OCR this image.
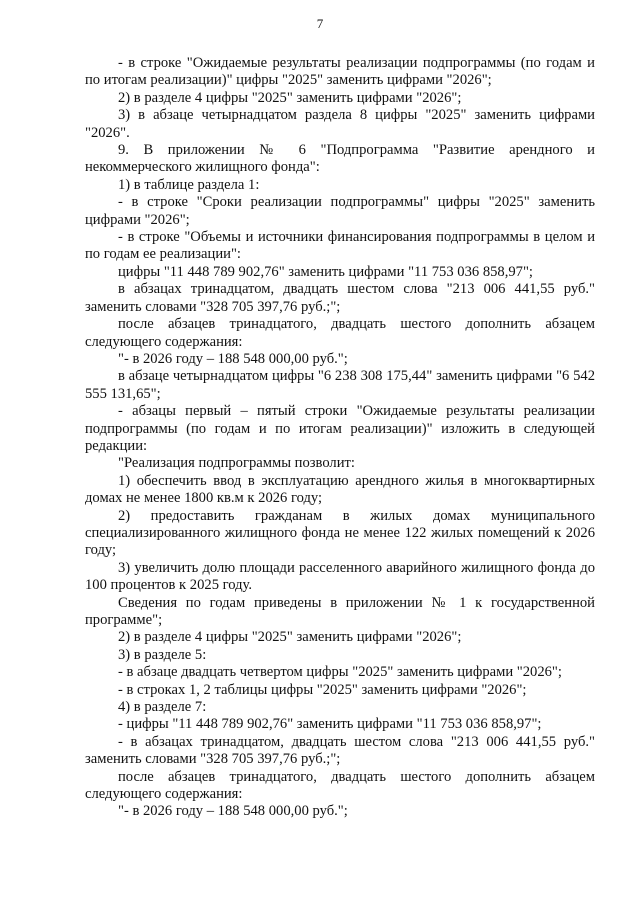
7

- в строке "Ожидаемые результаты реализации подпрограммы (по годам и по итогам реализации)" цифры "2025" заменить цифрами "2026";

2) в разделе 4 цифры "2025" заменить цифрами "2026";

3) в абзаце четырнадцатом раздела 8 цифры "2025" заменить цифрами "2026".

9. В приложении № 6 "Подпрограмма "Развитие арендного и некоммерческого жилищного фонда":

1) в таблице раздела 1:

- в строке "Сроки реализации подпрограммы" цифры "2025" заменить цифрами "2026";

- в строке "Объемы и источники финансирования подпрограммы в целом и по годам ее реализации":

цифры "11 448 789 902,76" заменить цифрами "11 753 036 858,97";

в абзацах тринадцатом, двадцать шестом слова "213 006 441,55 руб." заменить словами "328 705 397,76 руб.;";

после абзацев тринадцатого, двадцать шестого дополнить абзацем следующего содержания:

"- в 2026 году – 188 548 000,00 руб.";

в абзаце четырнадцатом цифры "6 238 308 175,44" заменить цифрами "6 542 555 131,65";

- абзацы первый – пятый строки "Ожидаемые результаты реализации подпрограммы (по годам и по итогам реализации)" изложить в следующей редакции:

"Реализация подпрограммы позволит:

1) обеспечить ввод в эксплуатацию арендного жилья в многоквартирных домах не менее 1800 кв.м к 2026 году;

2) предоставить гражданам в жилых домах муниципального специализированного жилищного фонда не менее 122 жилых помещений к 2026 году;

3) увеличить долю площади расселенного аварийного жилищного фонда до 100 процентов к 2025 году.

Сведения по годам приведены в приложении № 1 к государственной программе";

2) в разделе 4 цифры "2025" заменить цифрами "2026";

3) в разделе 5:

- в абзаце двадцать четвертом цифры "2025" заменить цифрами "2026";

- в строках 1, 2 таблицы цифры "2025" заменить цифрами "2026";

4) в разделе 7:

- цифры "11 448 789 902,76" заменить цифрами "11 753 036 858,97";

- в абзацах тринадцатом, двадцать шестом слова "213 006 441,55 руб." заменить словами "328 705 397,76 руб.;";

после абзацев тринадцатого, двадцать шестого дополнить абзацем следующего содержания:

"- в 2026 году – 188 548 000,00 руб.";
